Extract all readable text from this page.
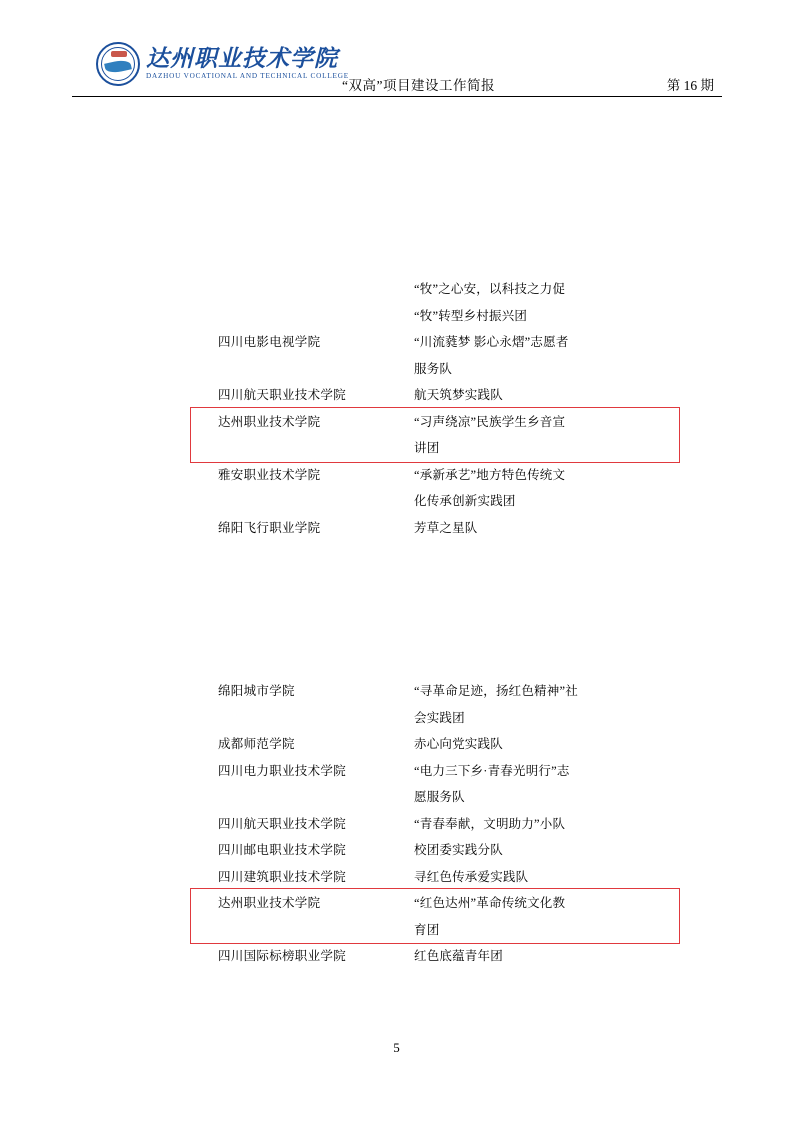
达州职业技术学院
DAZHOU VOCATIONAL AND TECHNICAL COLLEGE
“双高”项目建设工作简报	第 16 期
“牧”之心安，以科技之力促
“牧”转型乡村振兴团
四川电影电视学院	“川流蕤梦 影心永熠”志愿者
服务队
四川航天职业技术学院	航天筑梦实践队
达州职业技术学院	“习声绕凉”民族学生乡音宣
讲团
雅安职业技术学院	“承新承艺”地方特色传统文
化传承创新实践团
绵阳飞行职业学院	芳草之星队
绵阳城市学院	“寻革命足迹，扬红色精神”社
会实践团
成都师范学院	赤心向党实践队
四川电力职业技术学院	“电力三下乡·青春光明行”志
愿服务队
四川航天职业技术学院	“青春奉献，文明助力”小队
四川邮电职业技术学院	校团委实践分队
四川建筑职业技术学院	寻红色传承爱实践队
达州职业技术学院	“红色达州”革命传统文化教
育团
四川国际标榜职业学院	红色底蕴青年团
5
